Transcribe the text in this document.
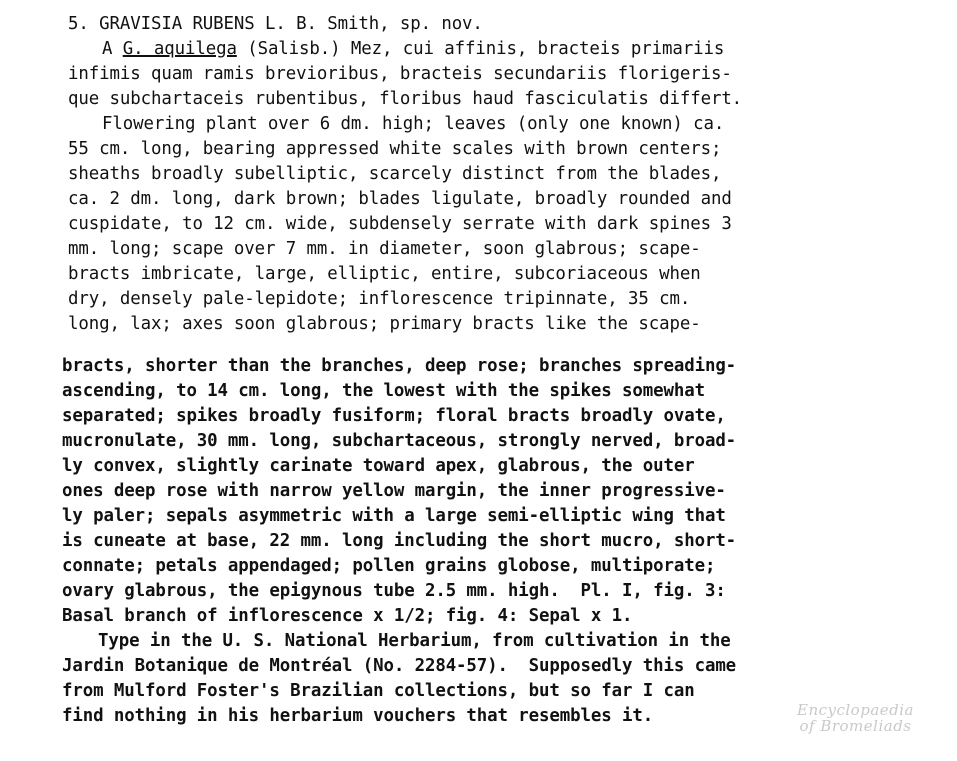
5. GRAVISIA RUBENS L. B. Smith, sp. nov.
A G. aquilega (Salisb.) Mez, cui affinis, bracteis primariis
infimis quam ramis brevioribus, bracteis secundariis florigeris-
que subchartaceis rubentibus, floribus haud fasciculatis differt.
Flowering plant over 6 dm. high; leaves (only one known) ca.
55 cm. long, bearing appressed white scales with brown centers;
sheaths broadly subelliptic, scarcely distinct from the blades,
ca. 2 dm. long, dark brown; blades ligulate, broadly rounded and
cuspidate, to 12 cm. wide, subdensely serrate with dark spines 3
mm. long; scape over 7 mm. in diameter, soon glabrous; scape-
bracts imbricate, large, elliptic, entire, subcoriaceous when
dry, densely pale-lepidote; inflorescence tripinnate, 35 cm.
long, lax; axes soon glabrous; primary bracts like the scape-
bracts, shorter than the branches, deep rose; branches spreading-
ascending, to 14 cm. long, the lowest with the spikes somewhat
separated; spikes broadly fusiform; floral bracts broadly ovate,
mucronulate, 30 mm. long, subchartaceous, strongly nerved, broad-
ly convex, slightly carinate toward apex, glabrous, the outer
ones deep rose with narrow yellow margin, the inner progressive-
ly paler; sepals asymmetric with a large semi-elliptic wing that
is cuneate at base, 22 mm. long including the short mucro, short-
connate; petals appendaged; pollen grains globose, multiporate;
ovary glabrous, the epigynous tube 2.5 mm. high.  Pl. I, fig. 3:
Basal branch of inflorescence x 1/2; fig. 4: Sepal x 1.
Type in the U. S. National Herbarium, from cultivation in the
Jardin Botanique de Montréal (No. 2284-57).  Supposedly this came
from Mulford Foster's Brazilian collections, but so far I can
find nothing in his herbarium vouchers that resembles it.	Encyclopaedia
of Bromeliads
